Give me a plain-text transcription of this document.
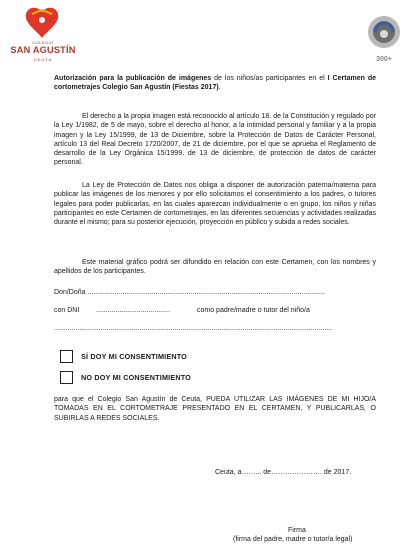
COLEGIO
SAN AGUSTÍN
CEUTA	300+
Autorización para la publicación de imágenes de los niños/as participantes en el I Certamen de cortometrajes Colegio San Agustín (Fiestas 2017).
El derecho a la propia imagen está reconocido al artículo 18. de la Constitución y regulado por la Ley 1/1982, de 5 de mayo, sobre el derecho al honor, a la intimidad personal y familiar y a la propia imagen y la Ley 15/1999, de 13 de Diciembre, sobre la Protección de Datos de Carácter Personal, artículo 13 del Real Decreto 1720/2007, de 21 de diciembre, por el que se aprueba el Reglamento de desarrollo de la Ley Orgánica 15/1999, de 13 de diciembre, de protección de datos de carácter personal.
La Ley de Protección de Datos nos obliga a disponer de autorización paterna/materna para publicar las imágenes de los menores y por ello solicitamos el consentimiento a los padres, o tutores legales para poder publicarlas, en las cuales aparezcan individualmente o en grupo, los niños y niñas participantes en este Certamen de cortometrajes, en las diferentes secuencias y actividades realizadas durante el mismo; para su posterior ejecución, proyección en público y subida a redes sociales.
Este material gráfico podrá ser difundido en relación con este Certamen, con los nombres y apellidos de los participantes.
Don/Doña ..........................................................................................................................
con DNI ......................................	como padre/madre o tutor del niño/a
...............................................................................................................................................
SÍ DOY MI CONSENTIMIENTO
NO DOY MI CONSENTIMIENTO
para que el Colegio San Agustín de Ceuta, PUEDA UTILIZAR LAS IMÁGENES DE MI HIJO/A TOMADAS EN EL CORTOMETRAJE PRESENTADO EN EL CERTAMEN, Y PUBLICARLAS, O SUBIRLAS A REDES SOCIALES.
Ceuta, a……... de…………………. de 2017.
Firma
(firma del padre, madre o tutor/a legal)
